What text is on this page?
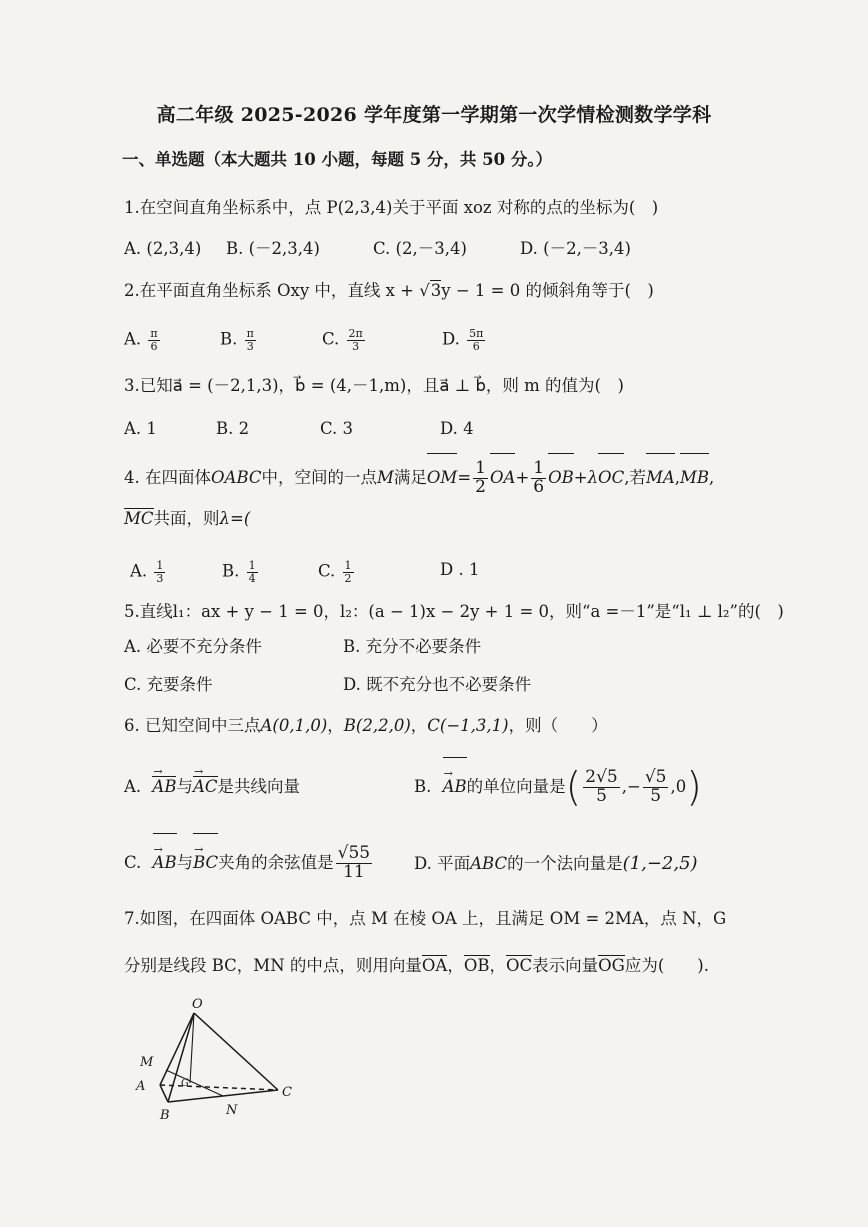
高二年级 2025-2026 学年度第一学期第一次学情检测数学学科
一、单选题（本大题共 10 小题，每题 5 分，共 50 分。）
1.在空间直角坐标系中，点 P(2,3,4)关于平面 xoz 对称的点的坐标为(　)
A. (2,3,4) B. (－2,3,4)	C. (2,－3,4)	D. (－2,－3,4)
2.在平面直角坐标系 Oxy 中，直线 x + √3y − 1 = 0 的倾斜角等于(　)
A. $\frac{\pi}{6}$	B. $\frac{\pi}{3}$	C. $\frac{2\pi}{3}$	D. $\frac{5\pi}{6}$
3.已知a⃗ = (－2,1,3)，b⃗ = (4,－1,m)，且a⃗ ⊥ b⃗，则 m 的值为(　)
A. 1	B. 2	C. 3	D. 4
4. 在四面体OABC中，空间的一点M满足$OM= \frac{1}{2} OA+ \frac{1}{6} OB+\lambda OC$,若MA,MB,
MC共面，则λ=(
A. $\frac{1}{3}$	B. $\frac{1}{4}$	C. $\frac{1}{2}$	D . 1
5.直线l₁：ax + y − 1 = 0，l₂：(a − 1)x − 2y + 1 = 0，则“a =－1”是“l₁ ⊥ l₂”的(　)
A. 必要不充分条件	B. 充分不必要条件
C. 充要条件	D. 既不充分也不必要条件
6. 已知空间中三点A(0,1,0)，B(2,2,0)，C(−1,3,1)，则（　　）
A. AB →与AC →是共线向量	B. AB →的单位向量是( $\frac{2√5}{5}$ ,− $\frac{√5}{5} ,0$)
C. AB →与BC →夹角的余弦值是 $\frac{√55}{11}$	D. 平面ABC的一个法向量是(1,−2,5)
7.如图，在四面体 OABC 中，点 M 在棱 OA 上，且满足 OM = 2MA，点 N，G
分别是线段 BC，MN 的中点，则用向量OA，OB，OC表示向量OG应为(　　).
O
M
A	G
B	N
C
